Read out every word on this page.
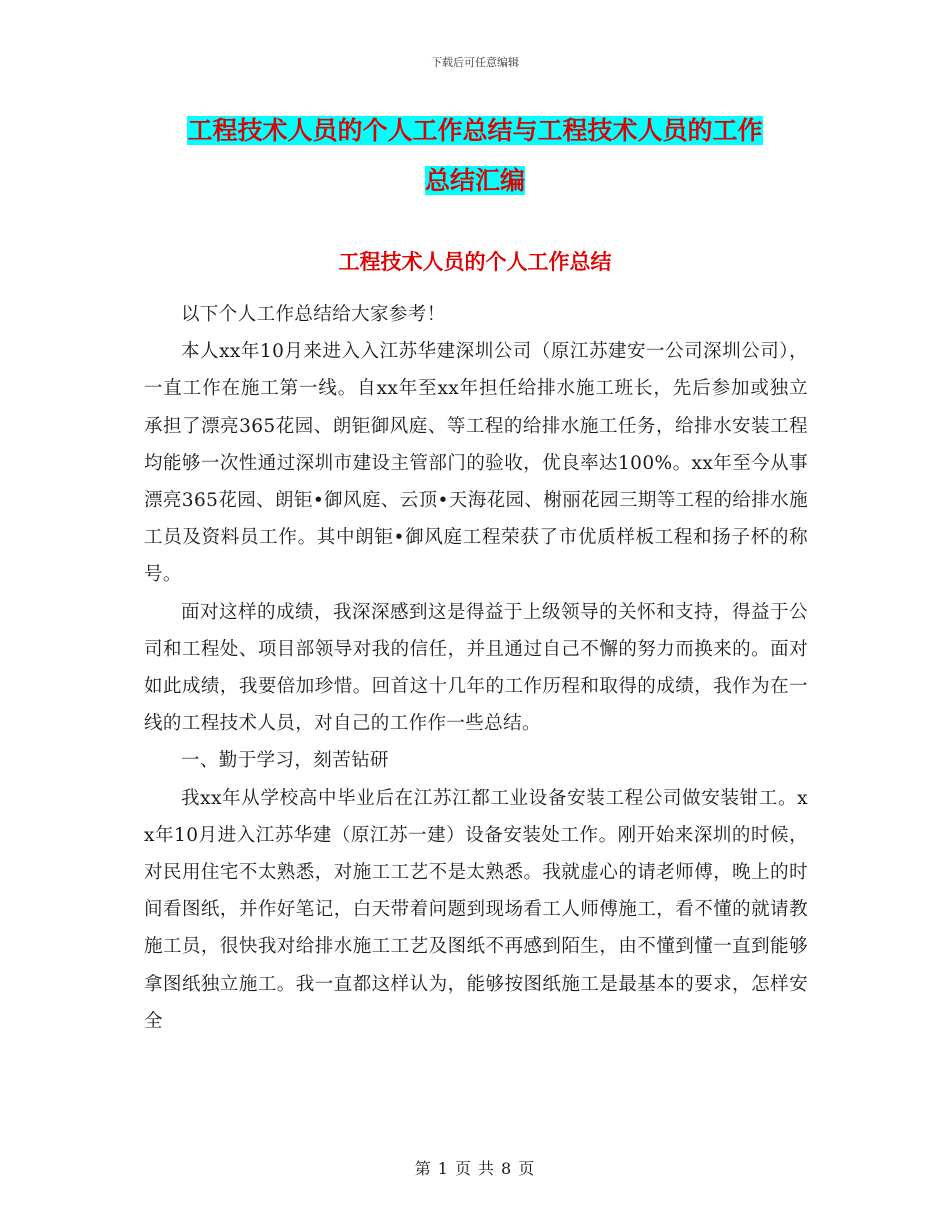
下载后可任意编辑
工程技术人员的个人工作总结与工程技术人员的工作
总结汇编
工程技术人员的个人工作总结

以下个人工作总结给大家参考！

本人xx年10月来进入入江苏华建深圳公司（原江苏建安一公司深圳公司），一直工作在施工第一线。自xx年至xx年担任给排水施工班长，先后参加或独立承担了漂亮365花园、朗钜御风庭、等工程的给排水施工任务，给排水安装工程均能够一次性通过深圳市建设主管部门的验收，优良率达100%。xx年至今从事漂亮365花园、朗钜•御风庭、云顶•天海花园、榭丽花园三期等工程的给排水施工员及资料员工作。其中朗钜•御风庭工程荣获了市优质样板工程和扬子杯的称号。

面对这样的成绩，我深深感到这是得益于上级领导的关怀和支持，得益于公司和工程处、项目部领导对我的信任，并且通过自己不懈的努力而换来的。面对如此成绩，我要倍加珍惜。回首这十几年的工作历程和取得的成绩，我作为在一线的工程技术人员，对自己的工作作一些总结。

一、勤于学习，刻苦钻研

我xx年从学校高中毕业后在江苏江都工业设备安装工程公司做安装钳工。xx年10月进入江苏华建（原江苏一建）设备安装处工作。刚开始来深圳的时候，对民用住宅不太熟悉，对施工工艺不是太熟悉。我就虚心的请老师傅，晚上的时间看图纸，并作好笔记，白天带着问题到现场看工人师傅施工，看不懂的就请教施工员，很快我对给排水施工工艺及图纸不再感到陌生，由不懂到懂一直到能够拿图纸独立施工。我一直都这样认为，能够按图纸施工是最基本的要求，怎样安全

第 1 页 共 8 页
